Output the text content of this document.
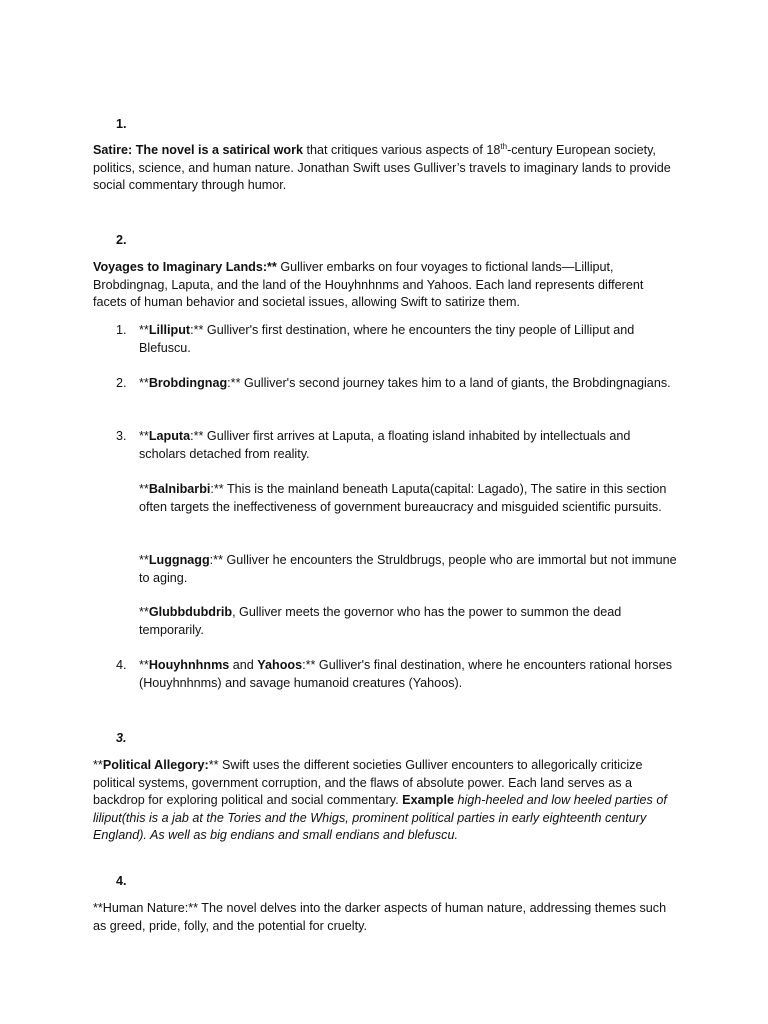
1.

Satire: The novel is a satirical work that critiques various aspects of 18th-century European society, politics, science, and human nature. Jonathan Swift uses Gulliver’s travels to imaginary lands to provide social commentary through humor.

2.

Voyages to Imaginary Lands:** Gulliver embarks on four voyages to fictional lands—Lilliput, Brobdingnag, Laputa, and the land of the Houyhnhnms and Yahoos. Each land represents different facets of human behavior and societal issues, allowing Swift to satirize them.

1. **Lilliput:** Gulliver's first destination, where he encounters the tiny people of Lilliput and Blefuscu.

2. **Brobdingnag:** Gulliver's second journey takes him to a land of giants, the Brobdingnagians.

3. **Laputa:** Gulliver first arrives at Laputa, a floating island inhabited by intellectuals and scholars detached from reality.

**Balnibarbi:** This is the mainland beneath Laputa(capital: Lagado), The satire in this section often targets the ineffectiveness of government bureaucracy and misguided scientific pursuits.

**Luggnagg:** Gulliver he encounters the Struldbrugs, people who are immortal but not immune to aging.

**Glubbdubdrib, Gulliver meets the governor who has the power to summon the dead temporarily.

4. **Houyhnhnms and Yahoos:** Gulliver's final destination, where he encounters rational horses (Houyhnhnms) and savage humanoid creatures (Yahoos).

3.

**Political Allegory:** Swift uses the different societies Gulliver encounters to allegorically criticize political systems, government corruption, and the flaws of absolute power. Each land serves as a backdrop for exploring political and social commentary. Example high-heeled and low heeled parties of liliput(this is a jab at the Tories and the Whigs, prominent political parties in early eighteenth century England). As well as big endians and small endians and blefuscu.

4.

**Human Nature:** The novel delves into the darker aspects of human nature, addressing themes such as greed, pride, folly, and the potential for cruelty.
